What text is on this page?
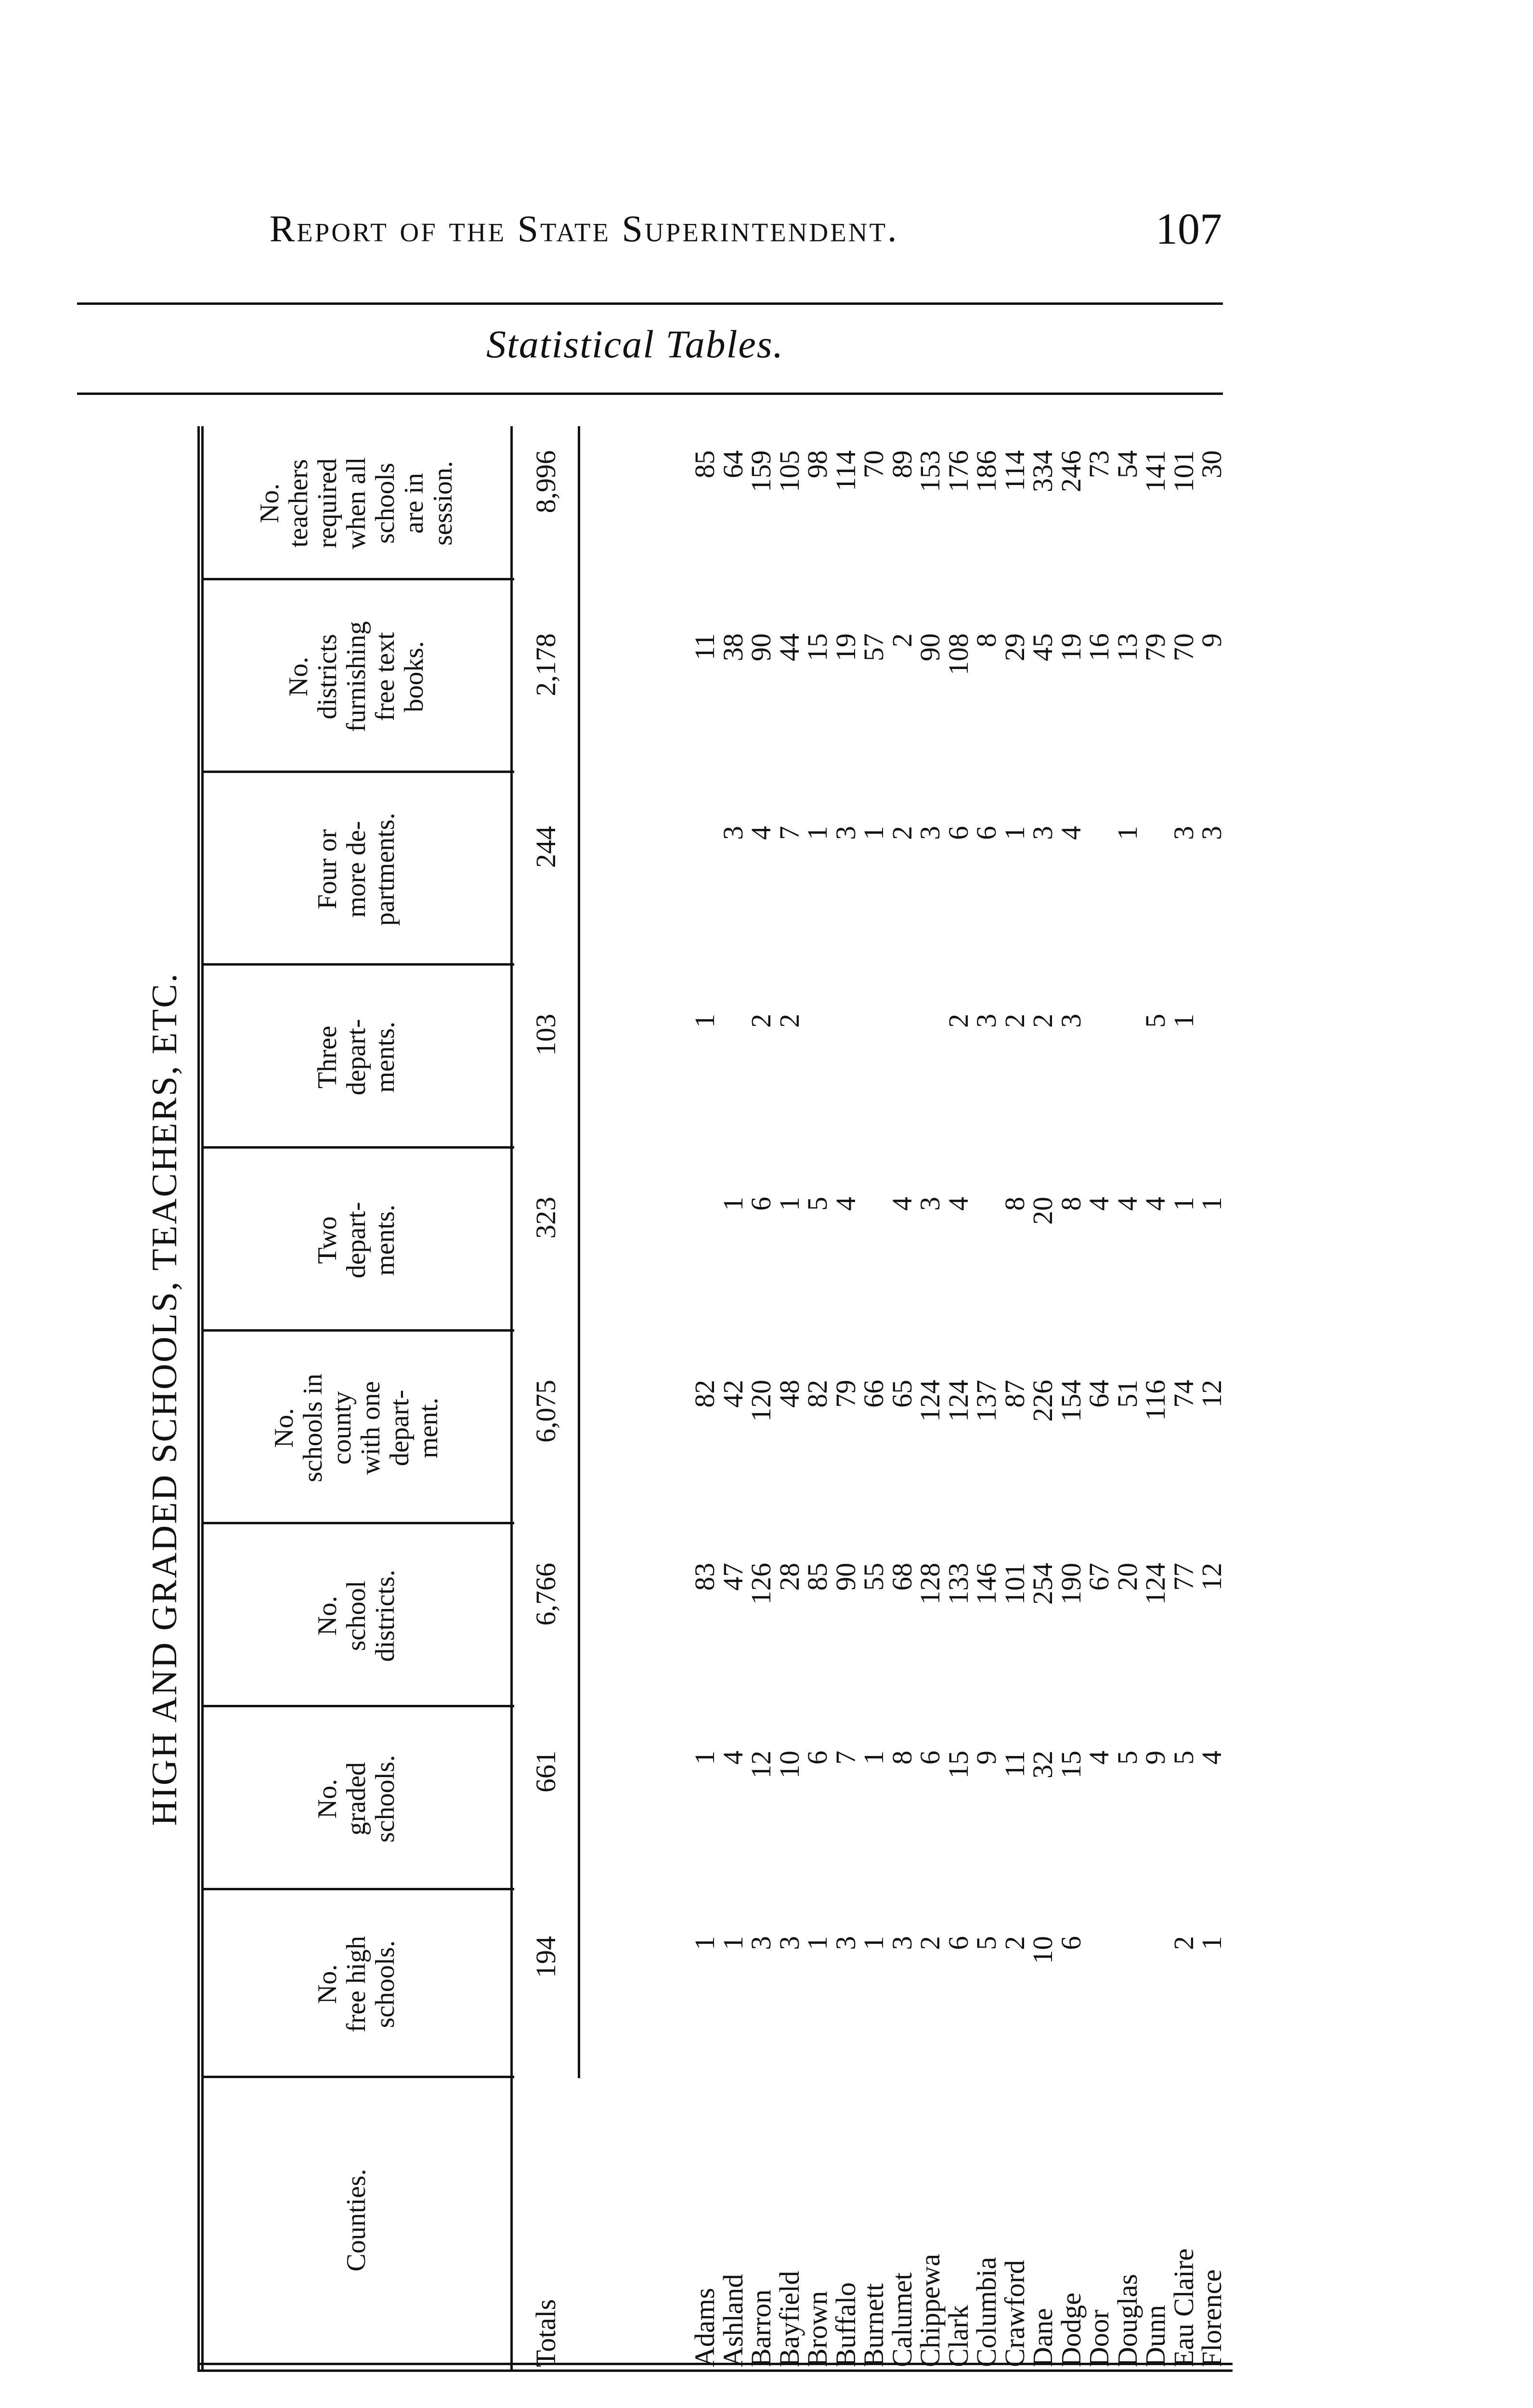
Report of the State Superintendent.	107
Statistical Tables.
HIGH AND GRADED SCHOOLS, TEACHERS, ETC.
Counties.
No.
free high
schools.
No.
graded
schools.
No.
school
districts.
No.
schools in
county
with one
depart-
ment.
Two
depart-
ments.
Three
depart-
ments.
Four or
more de-
partments.
No.
districts
furnishing
free text
books.
No.
teachers
required
when all
schools
are in
session.
Totals
194
661
6,766
6,075
323
103
244
2,178
8,996
Adams
1
1
83
82
1
11
85
Ashland
1
4
47
42
1
3
38
64
Barron
3
12
126
120
6
2
4
90
159
Bayfield
3
10
28
48
1
2
7
44
105
Brown
1
6
85
82
5
1
15
98
Buffalo
3
7
90
79
4
3
19
114
Burnett
1
1
55
66
1
57
70
Calumet
3
8
68
65
4
2
2
89
Chippewa
2
6
128
124
3
3
90
153
Clark
6
15
133
124
4
2
6
108
176
Columbia
5
9
146
137
3
6
8
186
Crawford
2
11
101
87
8
2
1
29
114
Dane
10
32
254
226
20
2
3
45
334
Dodge
6
15
190
154
8
3
4
19
246
Door
4
67
64
4
16
73
Douglas
5
20
51
4
1
13
54
Dunn
9
124
116
4
5
79
141
Eau Claire
2
5
77
74
1
1
3
70
101
Florence
1
4
12
12
1
3
9
30
